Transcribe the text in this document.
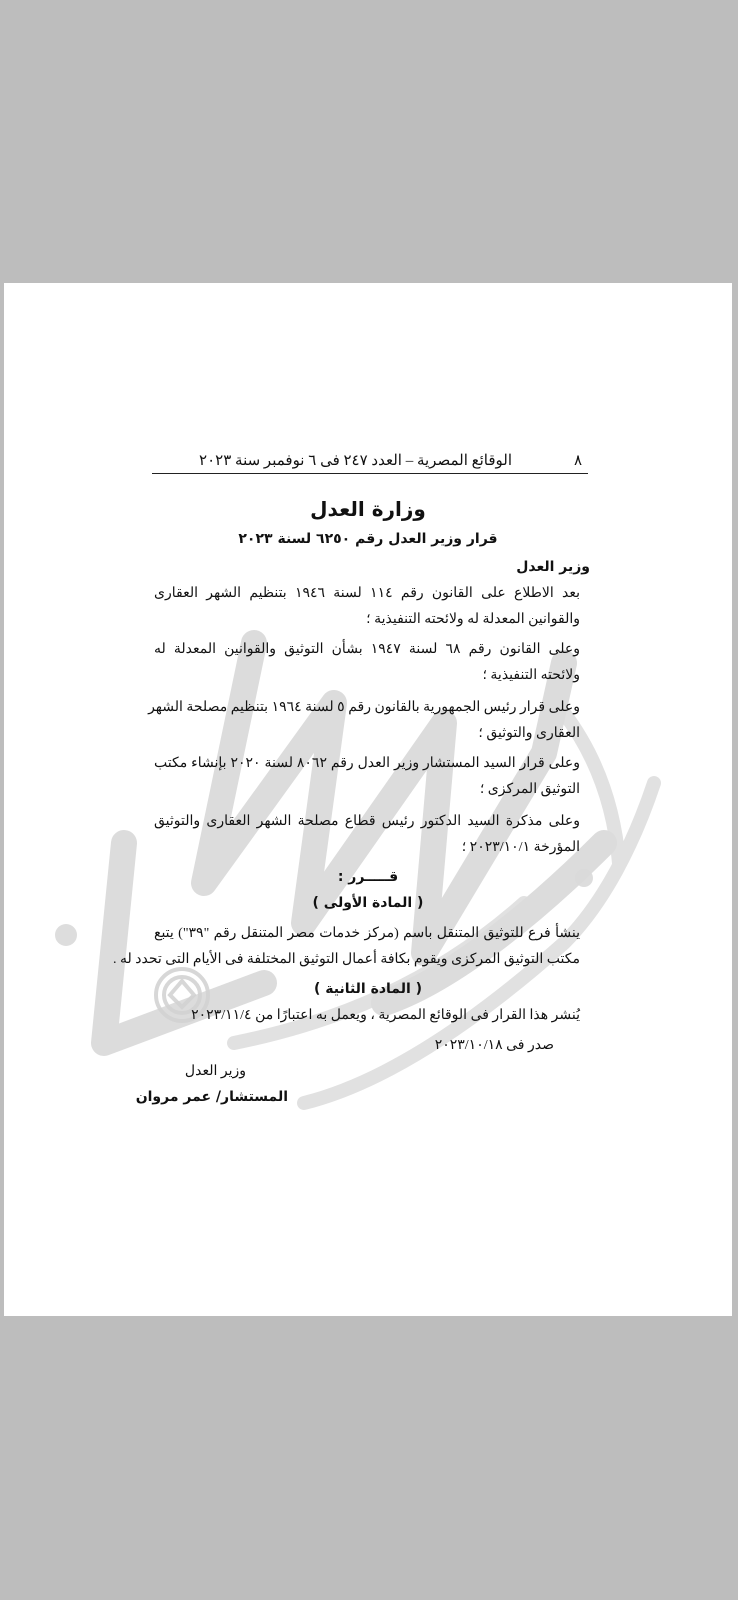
٨
الوقائع المصرية – العدد ٢٤٧ فى ٦ نوفمبر سنة ٢٠٢٣
وزارة العدل
قرار وزير العدل رقم ٦٢٥٠ لسنة ٢٠٢٣
وزير العدل
بعد الاطلاع على القانون رقم ١١٤ لسنة ١٩٤٦ بتنظيم الشهر العقارى
والقوانين المعدلة له ولائحته التنفيذية ؛
وعلى القانون رقم ٦٨ لسنة ١٩٤٧ بشأن التوثيق والقوانين المعدلة له
ولائحته التنفيذية ؛
وعلى قرار رئيس الجمهورية بالقانون رقم ٥ لسنة ١٩٦٤ بتنظيم مصلحة الشهر
العقارى والتوثيق ؛
وعلى قرار السيد المستشار وزير العدل رقم ٨٠٦٢ لسنة ٢٠٢٠ بإنشاء مكتب
التوثيق المركزى ؛
وعلى مذكرة السيد الدكتور رئيس قطاع مصلحة الشهر العقارى والتوثيق
المؤرخة ٢٠٢٣/١٠/١ ؛
قـــــرر :
( المادة الأولى )
ينشأ فرع للتوثيق المتنقل باسم (مركز خدمات مصر المتنقل رقم "٣٩") يتبع
مكتب التوثيق المركزى ويقوم بكافة أعمال التوثيق المختلفة فى الأيام التى تحدد له .
( المادة الثانية )
يُنشر هذا القرار فى الوقائع المصرية ، ويعمل به اعتبارًا من ٢٠٢٣/١١/٤
صدر فى ٢٠٢٣/١٠/١٨
وزير العدل
المستشار/ عمر مروان
